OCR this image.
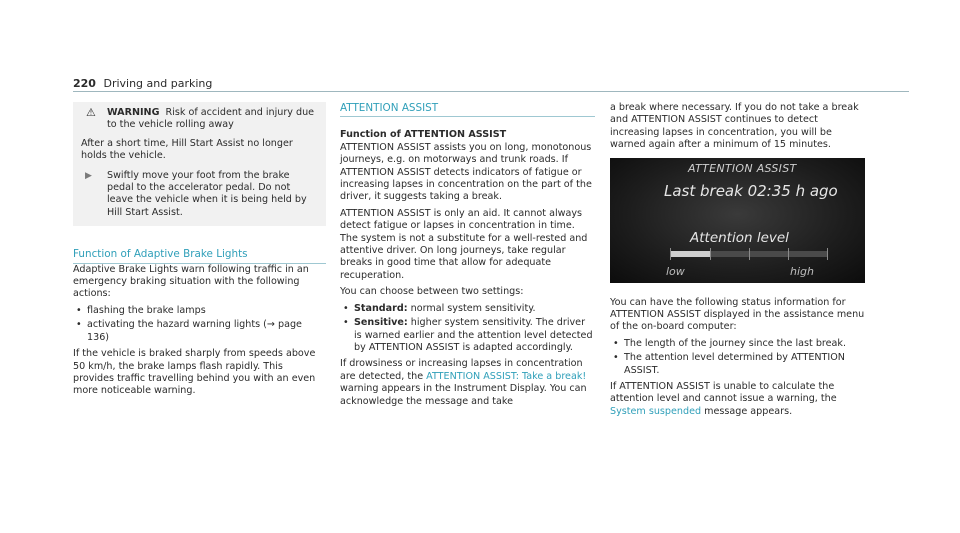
220 Driving and parking
⚠ WARNING Risk of accident and injury due to the vehicle rolling away

After a short time, Hill Start Assist no longer holds the vehicle.

▶ Swiftly move your foot from the brake pedal to the accelerator pedal. Do not leave the vehicle when it is being held by Hill Start Assist.
Function of Adaptive Brake Lights

Adaptive Brake Lights warn following traffic in an emergency braking situation with the following actions:

• flashing the brake lamps
• activating the hazard warning lights (→ page 136)

If the vehicle is braked sharply from speeds above 50 km/h, the brake lamps flash rapidly. This provides traffic travelling behind you with an even more noticeable warning.

ATTENTION ASSIST
Function of ATTENTION ASSIST

ATTENTION ASSIST assists you on long, monotonous journeys, e.g. on motorways and trunk roads. If ATTENTION ASSIST detects indicators of fatigue or increasing lapses in concentration on the part of the driver, it suggests taking a break.

ATTENTION ASSIST is only an aid. It cannot always detect fatigue or lapses in concentration in time. The system is not a substitute for a well-rested and attentive driver. On long journeys, take regular breaks in good time that allow for adequate recuperation.

You can choose between two settings:

• Standard: normal system sensitivity.
• Sensitive: higher system sensitivity. The driver is warned earlier and the attention level detected by ATTENTION ASSIST is adapted accordingly.

If drowsiness or increasing lapses in concentration are detected, the ATTENTION ASSIST: Take a break! warning appears in the Instrument Display. You can acknowledge the message and take

a break where necessary. If you do not take a break and ATTENTION ASSIST continues to detect increasing lapses in concentration, you will be warned again after a minimum of 15 minutes.

ATTENTION ASSIST
Last break 02:35 h ago
Attention level
low	high

You can have the following status information for ATTENTION ASSIST displayed in the assistance menu of the on-board computer:

• The length of the journey since the last break.
• The attention level determined by ATTENTION ASSIST.

If ATTENTION ASSIST is unable to calculate the attention level and cannot issue a warning, the System suspended message appears.
